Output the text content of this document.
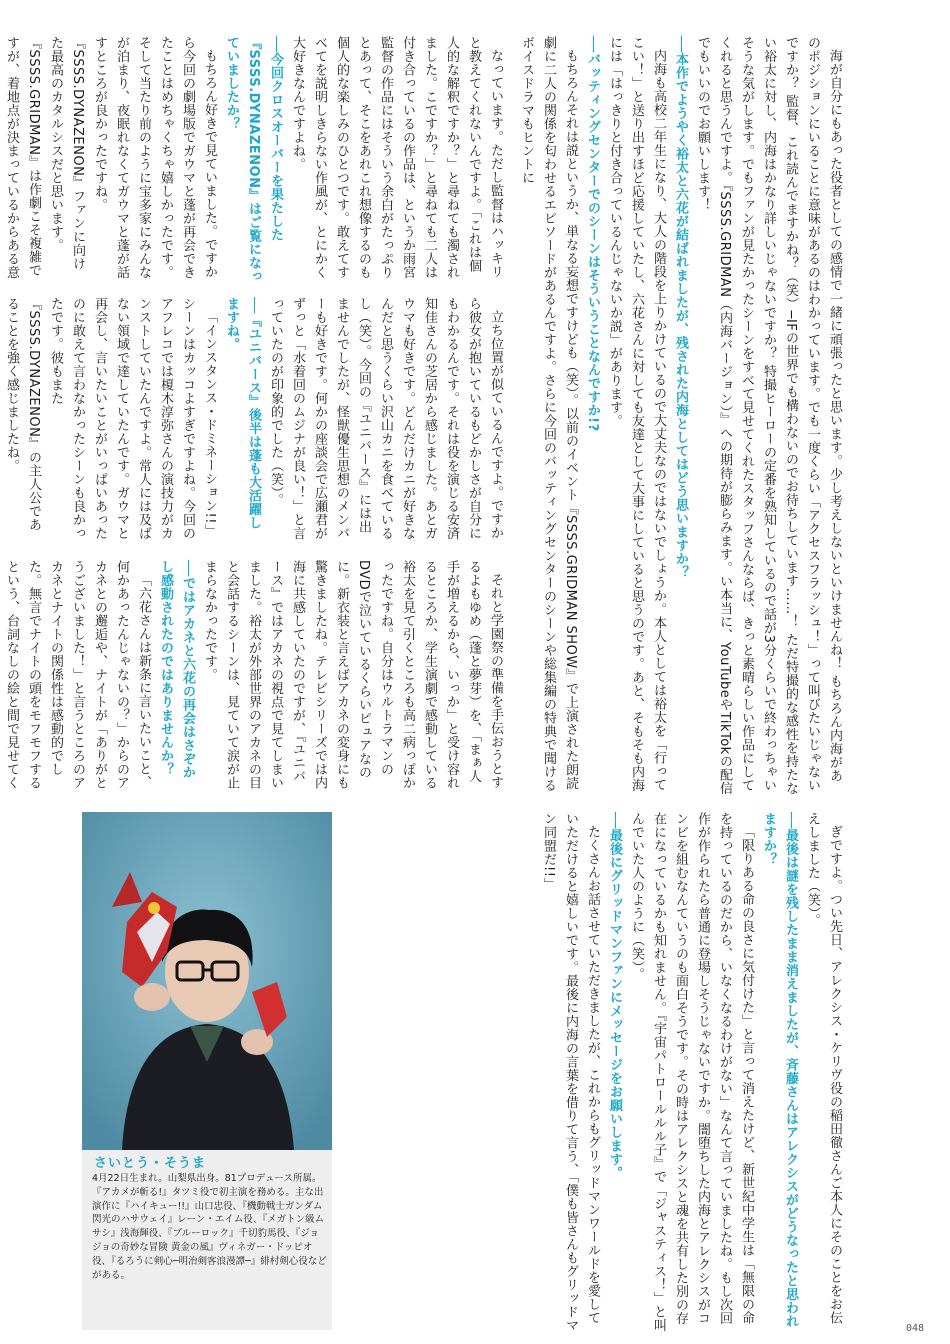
なっています。ただし監督はハッキリと教えてくれないんですよ。「これは個人的な解釈ですか？」と尋ねても濁されました。こですか？」と尋ねても二人は付き合っているの作品は、というか雨宮監督の作品にはそういう余白がたっぷりとあって、そこをあれこれ想像するのも個人的な楽しみのひとつです。敢えてすべてを説明しきらない作風が、とにかく大好きなんですよね。

──今回クロスオーバーを果たした『SSSS.DYNAZENON』はご覧になっていましたか？

もちろん好きで見ていました。ですから今回の劇場版でガウマと蓬が再会できたことはめちゃくちゃ嬉しかったです。そして当たり前のように宝多家にみんなが泊まり、夜眠れなくてガウマと蓬が話すところが良かったですね。『SSSS.DYNAZENON』ファンに向けた最高のカタルシスだと思います。『SSSS.GRIDMAN』は作劇こそ複雑ですが、着地点が決まっているからある意

立ち位置が似ているんですよ。ですから彼女が抱いているもどかしさが自分にもわかるんです。それは役を演じる安済知佳さんの芝居から感じました。あとガウマも好きです。どんだけカニが好きなんだと思うくらい沢山カニを食べているし（笑）。今回の『ユニバース』には出ませんでしたが、怪獣優生思想のメンバーも好きです。何かの座談会で広瀬君がずっと「水着回のムジナが良い！」と言っていたのが印象的でした（笑）。

──『ユニバース』後半は蓬も大活躍しますね。

「インスタンス・ドミネーション!!」シーンはカッコよすぎですよね。今回のアフレコでは榎木淳弥さんの演技力がカンストしていたんですよ。常人には及ばない領域で達していたんです。ガウマと再会し、言いたいことがいっぱいあったのに敢えて言わなかったシーンも良かったです。彼もまた『SSSS.DYNAZENON』の主人公であることを強く感じましたね。

それと学園祭の準備を手伝おうとするよもゆめ（蓬と夢芽）を、「まぁ人手が増えるから、いっか」と受け容れるところか、学生演劇で感動している裕太を見て引くところも高二病っぽかったですね。自分はウルトラマンのDVDで泣いているくらいピュアなのに。新衣装と言えばアカネの変身にも驚きましたね。テレビシリーズでは内海に共感していたのですが、『ユニバース』ではアカネの視点で見てしまいました。裕太が外部世界のアカネの目と会話するシーンは、見ていて涙が止まらなかったです。

──ではアカネと六花の再会はさぞかし感動されたのではありませんか？

「六花さんは新条に言いたいこと、何かあったんじゃないの？」からのアカネとの邂逅や、ナイトが「ありがとうございました！」と言うところのアカネとナイトの関係性は感動的でした。無言でナイトの頭をモフモフするという、台詞なしの絵と間で見せてく

ぎですよ。つい先日、アレクシス・ケリヴ役の稲田徹さんご本人にそのことをお伝えしました（笑）。

──最後は謎を残したまま消えましたが、斉藤さんはアレクシスがどうなったと思われますか？

「限りある命の良さに気付けた」と言って消えたけど、新世紀中学生は「無限の命を持っているのだから、いなくなるわけがない」なんて言っていましたね。もし次回作が作られたら普通に登場しそうじゃないですか。闇堕ちした内海とアレクシスがコンビを組むなんていうのも面白そうです。その時はアレクシスと魂を共有した別の存在になっているかも知れません。『宇宙パトロールルル子』で「ジャスティス！」と叫んでいた人のように（笑）。

──最後にグリッドマンファンにメッセージをお願いします。

たくさんお話させていただきましたが、これからもグリッドマンワールドを愛していただけると嬉しいです。最後に内海の言葉を借りて言う、「僕も皆さんもグリッドマン同盟だ!!」

海が自分にもあった役者としての感情で一緒に頑張ったと思います。少し考えしないといけませんね！ もちろん内海があのポジションにいることに意味があるのはわかっています。でも一度くらい「アクセスフラッシュ！」って叫びたいじゃないですか？ 監督、これ読んでますかね？（笑）─IFの世界でも構わないのでお待ちしています……！ ただ特撮的な感性を持たない裕太に対し、内海はかなり詳しいじゃないですか？ 特撮ヒーローの定番を熟知しているので話が3分くらいで終わっちゃいそうな気がします。でもファンが見たかったシーンをすべて見せてくれたスタッフさんならば、きっと素晴らしい作品にしてくれると思うんですよ。『SSSS.GRIDMAN（内海バージョン）』への期待が膨らみます。い本当に、YouTubeやTikTokの配信でもいいのでお願いします！

──本作でようやく裕太と六花が結ばれましたが、残された内海としてはどう思いますか？

内海も高校二年生になり、大人の階段を上りかけているので大丈夫なのではないでしょうか。本人としては裕太を「行ってこい！」と送り出すほど応援していたし、六花さんに対しても友達として大事にしていると思うのです。あと、そもそも内海には「はっきりと付き合っているんじゃないか説」があります。

──バッティングセンターでのシーンはそういうことなんですか!?

もちろんそれは説というか、単なる妄想ですけども（笑）。以前のイベント『SSSS.GRIDMAN SHOW』で上演された朗読劇に二人の関係を匂わせるエピソードがあるんですよ。さらに今回のバッティングセンターのシーンや総集編の特典で聞けるボイスドラマもヒントに

さいとう・そうま
4月22日生まれ。山梨県出身。81プロデュース所属。『アカメが斬る!』タツミ役で初主演を務める。主な出演作に『ハイキュー!!』山口忠役、『機動戦士ガンダム 閃光のハサウェイ』レーン・エイム役、『メガトン級ムサシ』浅海輝役、『ブルーロック』千切豹馬役、『ジョジョの奇妙な冒険 黄金の風』ヴィネガー・ドッピオ役、『るろうに剣心─明治剣客浪漫譚─』緋村剣心役などがある。
048
